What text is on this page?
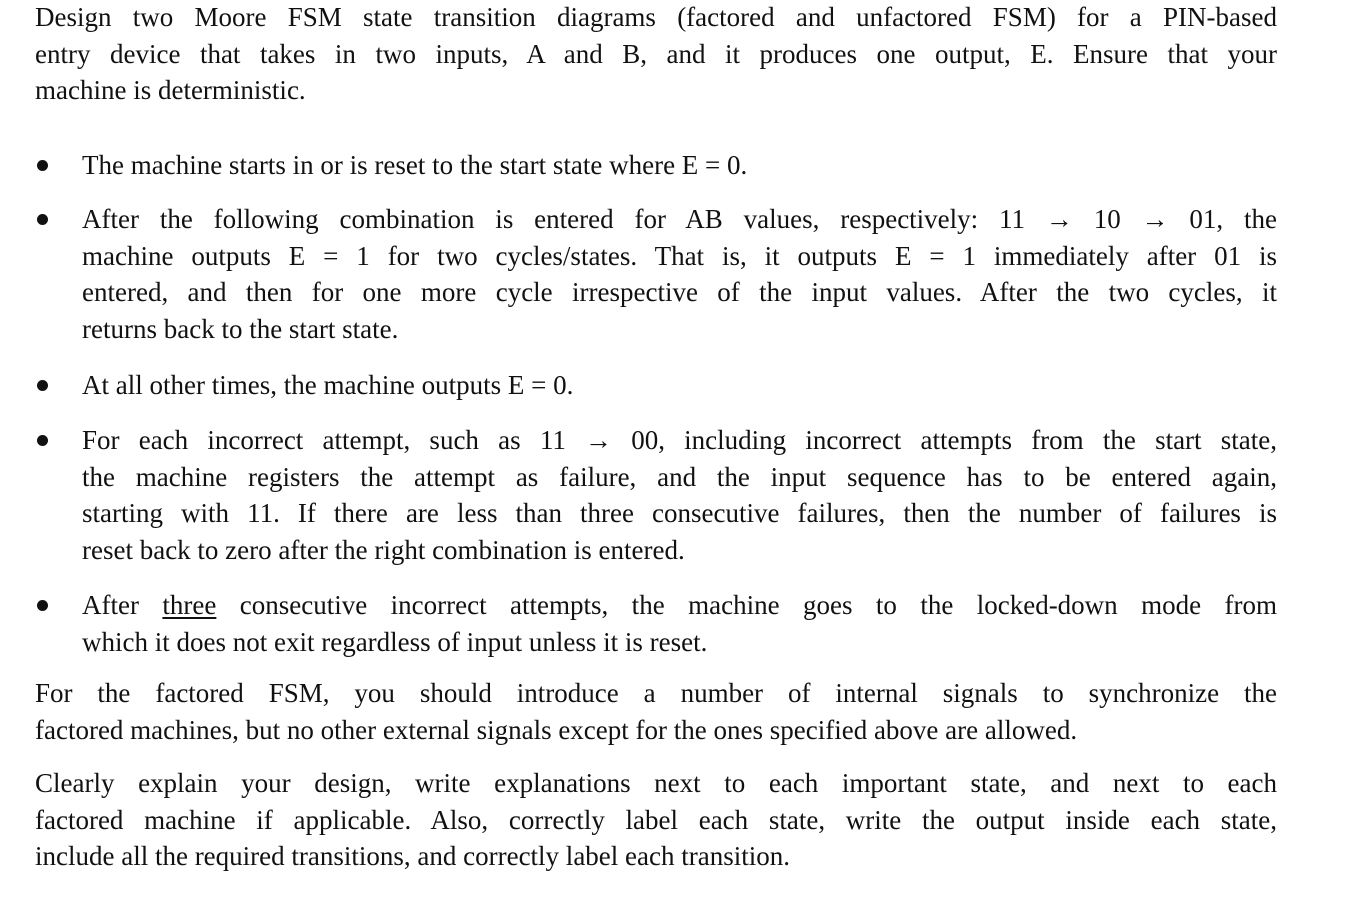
Design two Moore FSM state transition diagrams (factored and unfactored FSM) for a PIN-based
entry device that takes in two inputs, A and B, and it produces one output, E. Ensure that your
machine is deterministic.
The machine starts in or is reset to the start state where E = 0.
After the following combination is entered for AB values, respectively: 11 → 10 → 01, the
machine outputs E = 1 for two cycles/states. That is, it outputs E = 1 immediately after 01 is
entered, and then for one more cycle irrespective of the input values. After the two cycles, it
returns back to the start state.
At all other times, the machine outputs E = 0.
For each incorrect attempt, such as 11 → 00, including incorrect attempts from the start state,
the machine registers the attempt as failure, and the input sequence has to be entered again,
starting with 11. If there are less than three consecutive failures, then the number of failures is
reset back to zero after the right combination is entered.
After three consecutive incorrect attempts, the machine goes to the locked-down mode from
which it does not exit regardless of input unless it is reset.
For the factored FSM, you should introduce a number of internal signals to synchronize the
factored machines, but no other external signals except for the ones specified above are allowed.
Clearly explain your design, write explanations next to each important state, and next to each
factored machine if applicable. Also, correctly label each state, write the output inside each state,
include all the required transitions, and correctly label each transition.
